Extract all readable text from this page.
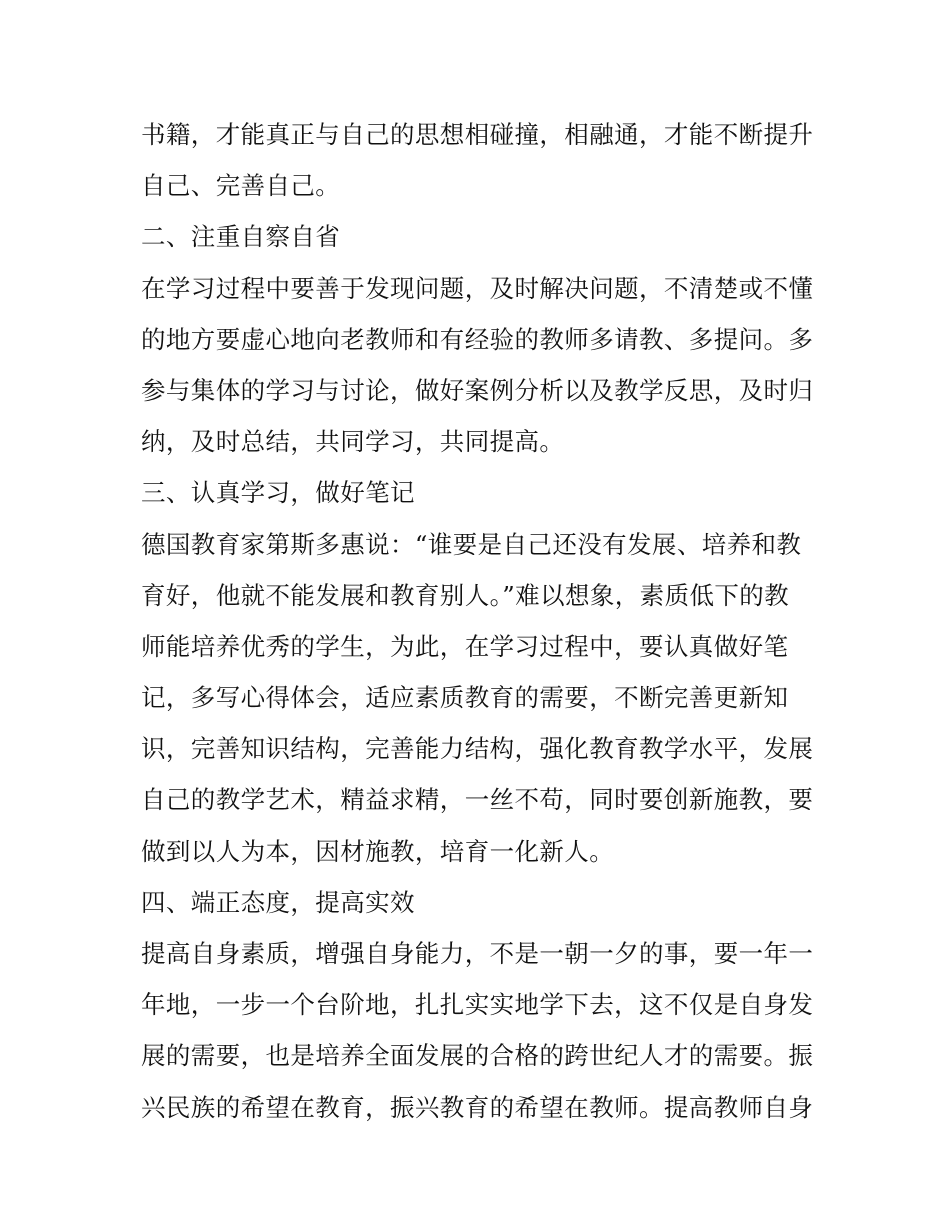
书籍，才能真正与自己的思想相碰撞，相融通，才能不断提升
自己、完善自己。
二、注重自察自省
在学习过程中要善于发现问题，及时解决问题，不清楚或不懂
的地方要虚心地向老教师和有经验的教师多请教、多提问。多
参与集体的学习与讨论，做好案例分析以及教学反思，及时归
纳，及时总结，共同学习，共同提高。
三、认真学习，做好笔记
德国教育家第斯多惠说：“谁要是自己还没有发展、培养和教
育好，他就不能发展和教育别人。”难以想象，素质低下的教
师能培养优秀的学生，为此，在学习过程中，要认真做好笔
记，多写心得体会，适应素质教育的需要，不断完善更新知
识，完善知识结构，完善能力结构，强化教育教学水平，发展
自己的教学艺术，精益求精，一丝不苟，同时要创新施教，要
做到以人为本，因材施教，培育一化新人。
四、端正态度，提高实效
提高自身素质，增强自身能力，不是一朝一夕的事，要一年一
年地，一步一个台阶地，扎扎实实地学下去，这不仅是自身发
展的需要，也是培养全面发展的合格的跨世纪人才的需要。振
兴民族的希望在教育，振兴教育的希望在教师。提高教师自身
